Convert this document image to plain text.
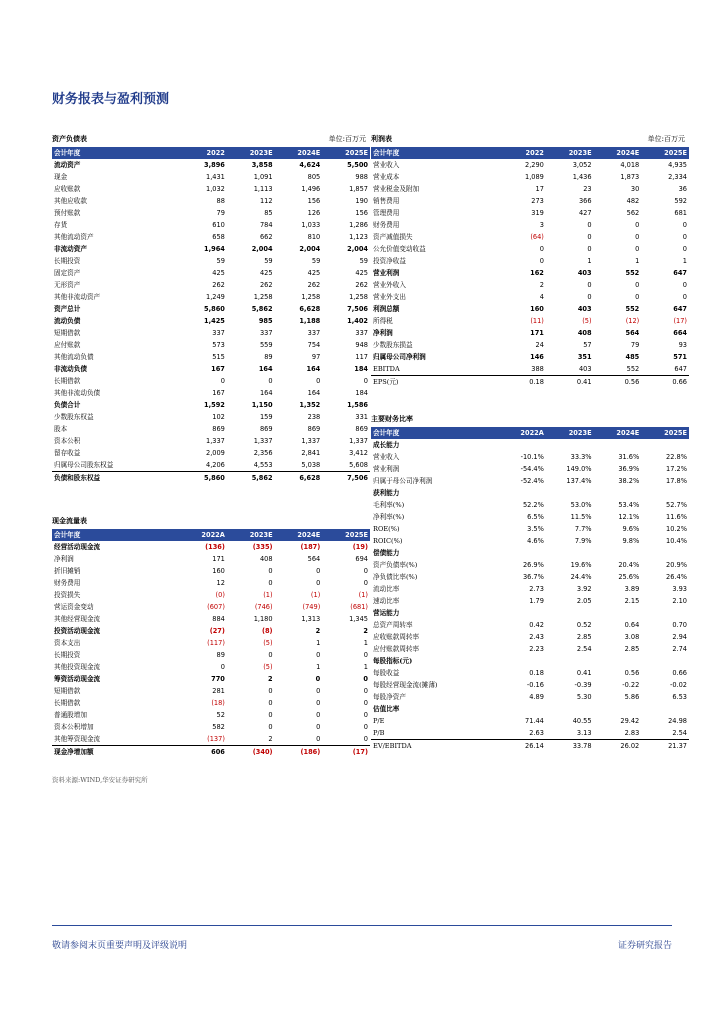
财务报表与盈利预测
资产负债表	单位:百万元
会计年度	2022	2023E	2024E	2025E
流动资产	3,896	3,858	4,624	5,500
现金	1,431	1,091	805	988
应收账款	1,032	1,113	1,496	1,857
其他应收款	88	112	156	190
预付账款	79	85	126	156
存货	610	784	1,033	1,286
其他流动资产	658	662	810	1,123
非流动资产	1,964	2,004	2,004	2,004
长期投资	59	59	59	59
固定资产	425	425	425	425
无形资产	262	262	262	262
其他非流动资产	1,249	1,258	1,258	1,258
资产总计	5,860	5,862	6,628	7,506
流动负债	1,425	985	1,188	1,402
短期借款	337	337	337	337
应付账款	573	559	754	948
其他流动负债	515	89	97	117
非流动负债	167	164	164	184
长期借款	0	0	0	0
其他非流动负债	167	164	164	184
负债合计	1,592	1,150	1,352	1,586
少数股东权益	102	159	238	331
股本	869	869	869	869
资本公积	1,337	1,337	1,337	1,337
留存收益	2,009	2,356	2,841	3,412
归属母公司股东权益	4,206	4,553	5,038	5,608
负债和股东权益	5,860	5,862	6,628	7,506
现金流量表
会计年度	2022A	2023E	2024E	2025E
经营活动现金流	(136)	(335)	(187)	(19)
净利润	171	408	564	694
折旧摊销	160	0	0	0
财务费用	12	0	0	0
投资损失	(0)	(1)	(1)	(1)
营运资金变动	(607)	(746)	(749)	(681)
其他经营现金流	884	1,180	1,313	1,345
投资活动现金流	(27)	(8)	2	2
资本支出	(117)	(5)	1	1
长期投资	89	0	0	0
其他投资现金流	0	(5)	1	1
筹资活动现金流	770	2	0	0
短期借款	281	0	0	0
长期借款	(18)	0	0	0
普通股增加	52	0	0	0
资本公积增加	582	0	0	0
其他筹资现金流	(137)	2	0	0
现金净增加额	606	(340)	(186)	(17)
利润表	单位:百万元
会计年度	2022	2023E	2024E	2025E
营业收入	2,290	3,052	4,018	4,935
营业成本	1,089	1,436	1,873	2,334
营业税金及附加	17	23	30	36
销售费用	273	366	482	592
管理费用	319	427	562	681
财务费用	3	0	0	0
资产减值损失	(64)	0	0	0
公允价值变动收益	0	0	0	0
投资净收益	0	1	1	1
营业利润	162	403	552	647
营业外收入	2	0	0	0
营业外支出	4	0	0	0
利润总额	160	403	552	647
所得税	(11)	(5)	(12)	(17)
净利润	171	408	564	664
少数股东损益	24	57	79	93
归属母公司净利润	146	351	485	571
EBITDA	388	403	552	647
EPS(元)	0.18	0.41	0.56	0.66
主要财务比率
会计年度	2022A	2023E	2024E	2025E
成长能力				
营业收入	-10.1%	33.3%	31.6%	22.8%
营业利润	-54.4%	149.0%	36.9%	17.2%
归属于母公司净利润	-52.4%	137.4%	38.2%	17.8%
获利能力				
毛利率(%)	52.2%	53.0%	53.4%	52.7%
净利率(%)	6.5%	11.5%	12.1%	11.6%
ROE(%)	3.5%	7.7%	9.6%	10.2%
ROIC(%)	4.6%	7.9%	9.8%	10.4%
偿债能力				
资产负债率(%)	26.9%	19.6%	20.4%	20.9%
净负债比率(%)	36.7%	24.4%	25.6%	26.4%
流动比率	2.73	3.92	3.89	3.93
速动比率	1.79	2.05	2.15	2.10
营运能力				
总资产周转率	0.42	0.52	0.64	0.70
应收账款周转率	2.43	2.85	3.08	2.94
应付账款周转率	2.23	2.54	2.85	2.74
每股指标(元)				
每股收益	0.18	0.41	0.56	0.66
每股经营现金流(摊薄)	-0.16	-0.39	-0.22	-0.02
每股净资产	4.89	5.30	5.86	6.53
估值比率				
P/E	71.44	40.55	29.42	24.98
P/B	2.63	3.13	2.83	2.54
EV/EBITDA	26.14	33.78	26.02	21.37
资料来源:WIND,华安证券研究所
敬请参阅末页重要声明及评级说明	证券研究报告
